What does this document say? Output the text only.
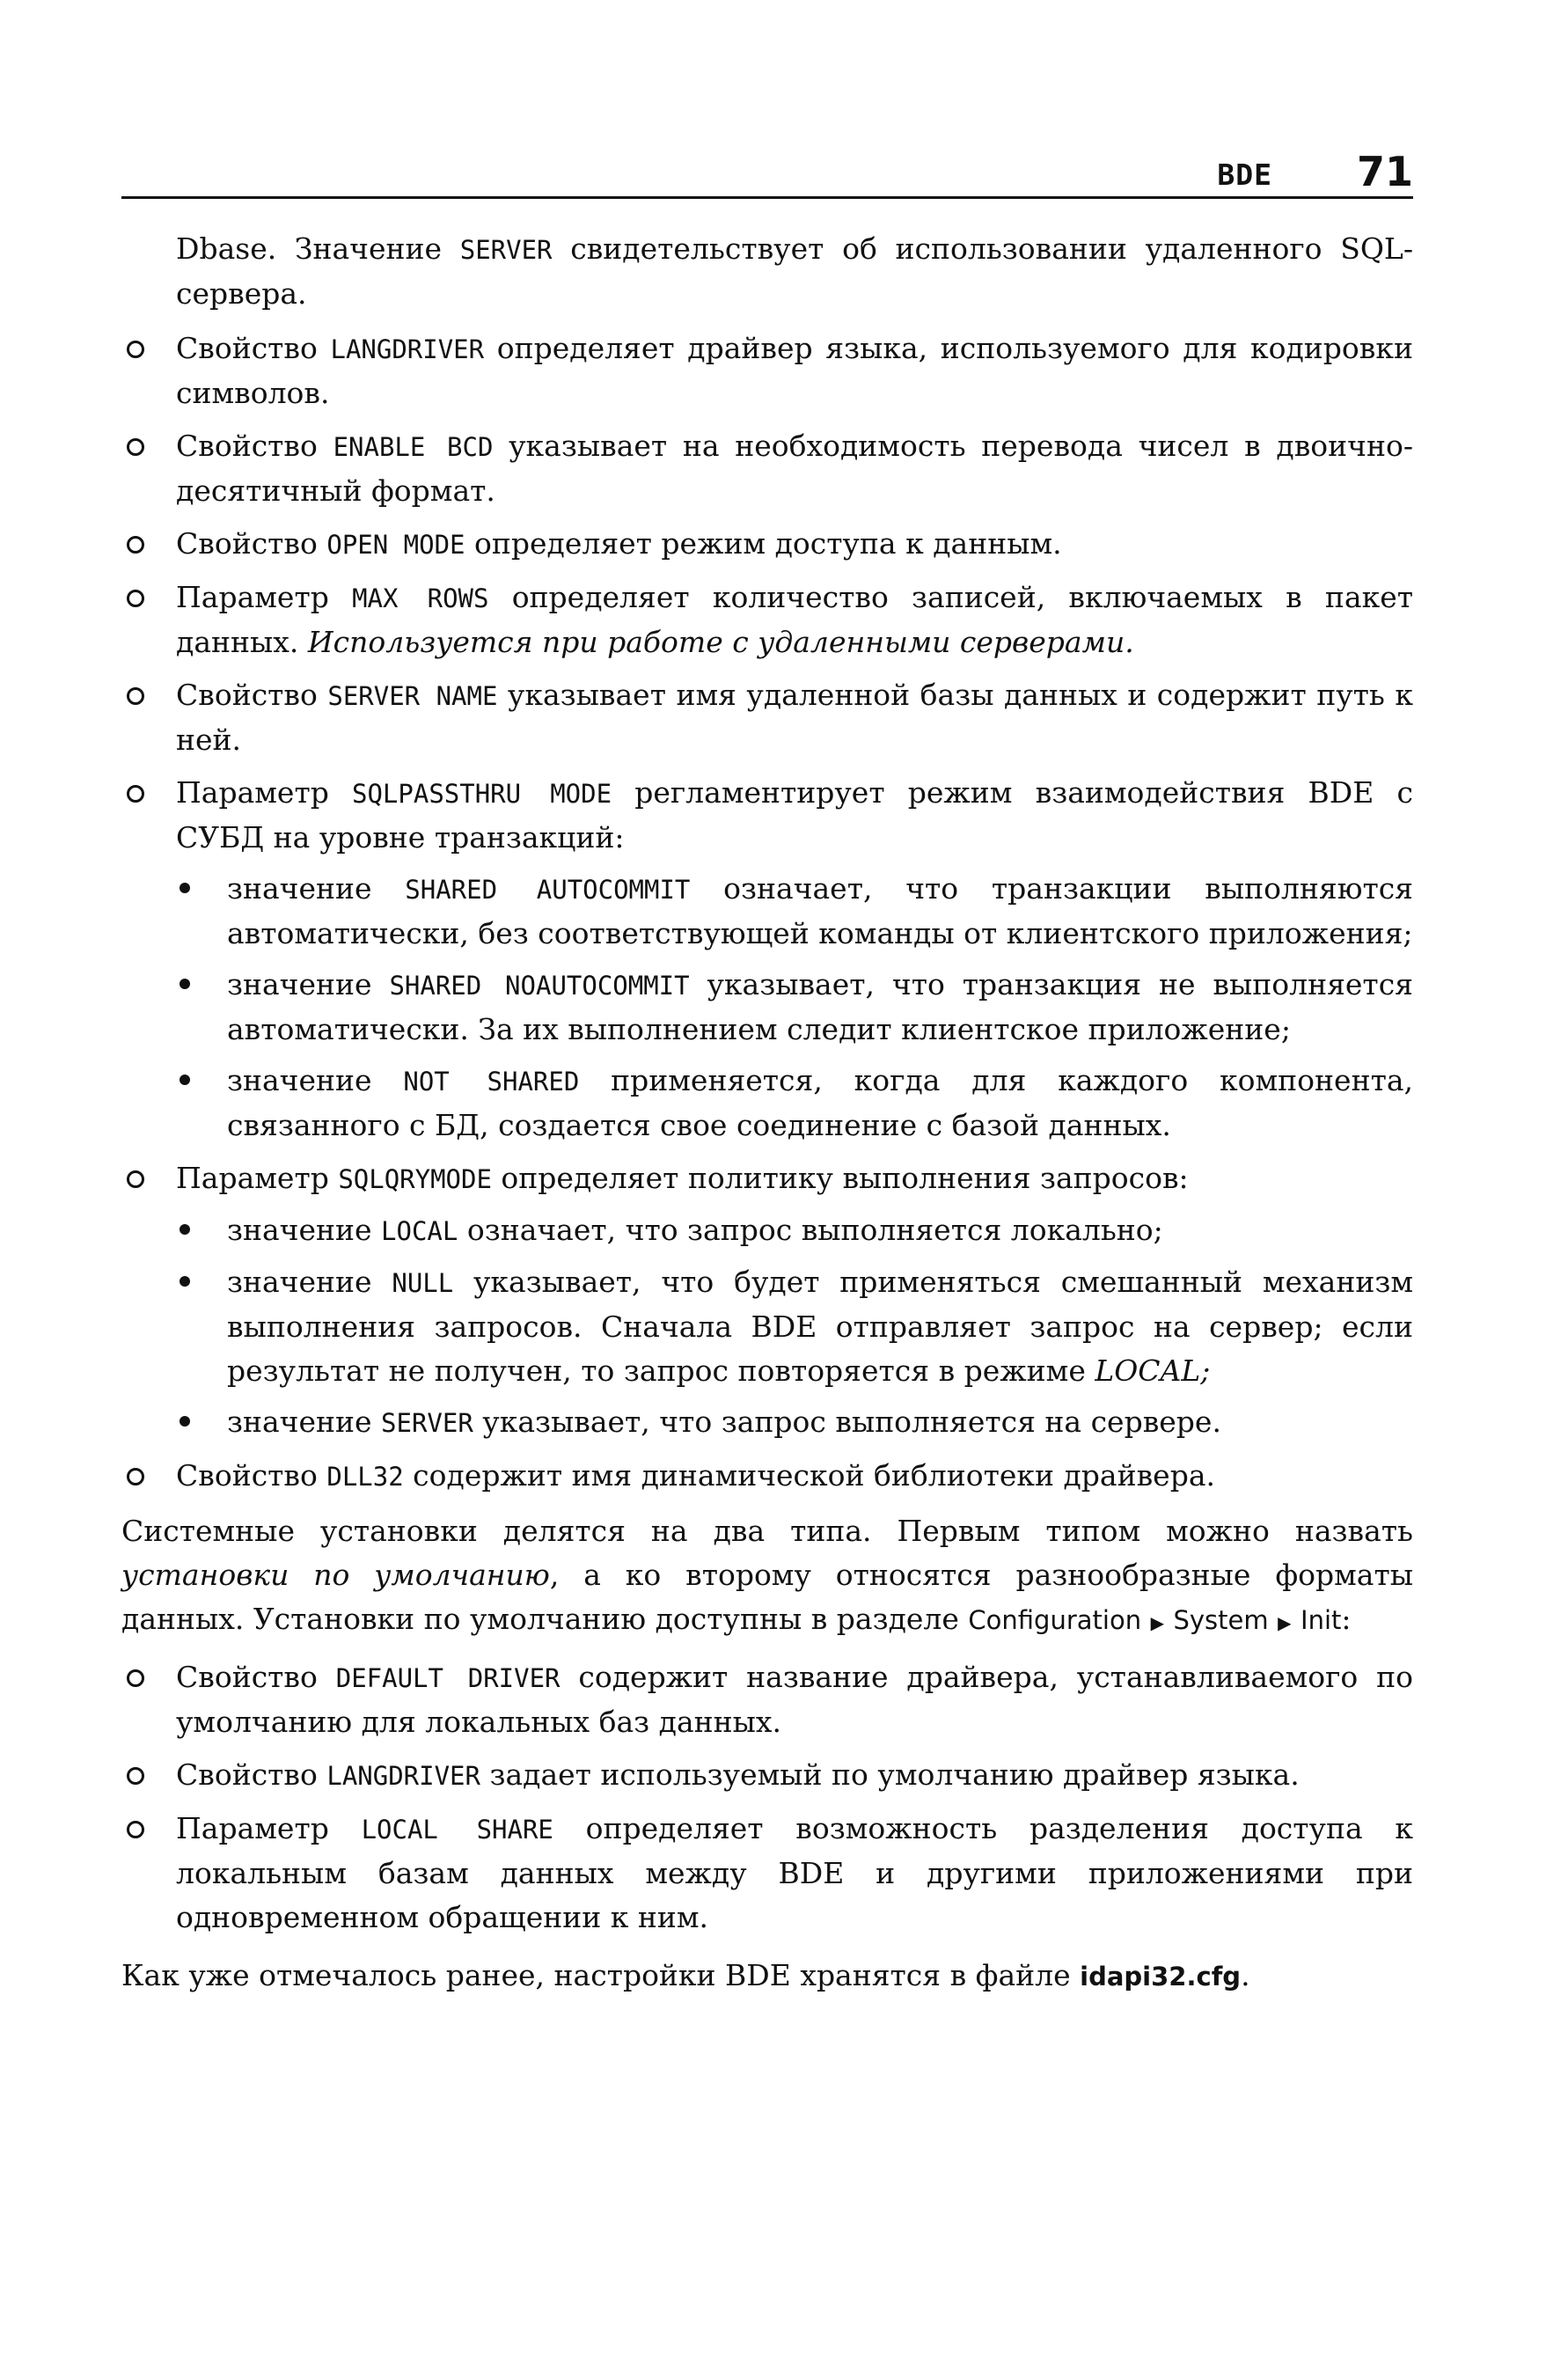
BDE 71

Dbase. Значение SERVER свидетельствует об использовании удаленного SQL-сервера.

Свойство LANGDRIVER определяет драйвер языка, используемого для кодировки символов.
Свойство ENABLE BCD указывает на необходимость перевода чисел в двоично-десятичный формат.
Свойство OPEN MODE определяет режим доступа к данным.
Параметр MAX ROWS определяет количество записей, включаемых в пакет данных. Используется при работе с удаленными серверами.
Свойство SERVER NAME указывает имя удаленной базы данных и содержит путь к ней.
Параметр SQLPASSTHRU MODE регламентирует режим взаимодействия BDE с СУБД на уровне транзакций:
значение SHARED AUTOCOMMIT означает, что транзакции выполняются автоматически, без соответствующей команды от клиентского приложения;
значение SHARED NOAUTOCOMMIT указывает, что транзакция не выполняется автоматически. За их выполнением следит клиентское приложение;
значение NOT SHARED применяется, когда для каждого компонента, связанного с БД, создается свое соединение с базой данных.
Параметр SQLQRYMODE определяет политику выполнения запросов:
значение LOCAL означает, что запрос выполняется локально;
значение NULL указывает, что будет применяться смешанный механизм выполнения запросов. Сначала BDE отправляет запрос на сервер; если результат не получен, то запрос повторяется в режиме LOCAL;
значение SERVER указывает, что запрос выполняется на сервере.
Свойство DLL32 содержит имя динамической библиотеки драйвера.

Системные установки делятся на два типа. Первым типом можно назвать установки по умолчанию, а ко второму относятся разнообразные форматы данных. Установки по умолчанию доступны в разделе Configuration ▶ System ▶ Init:

Свойство DEFAULT DRIVER содержит название драйвера, устанавливаемого по умолчанию для локальных баз данных.
Свойство LANGDRIVER задает используемый по умолчанию драйвер языка.
Параметр LOCAL SHARE определяет возможность разделения доступа к локальным базам данных между BDE и другими приложениями при одновременном обращении к ним.

Как уже отмечалось ранее, настройки BDE хранятся в файле idapi32.cfg.
